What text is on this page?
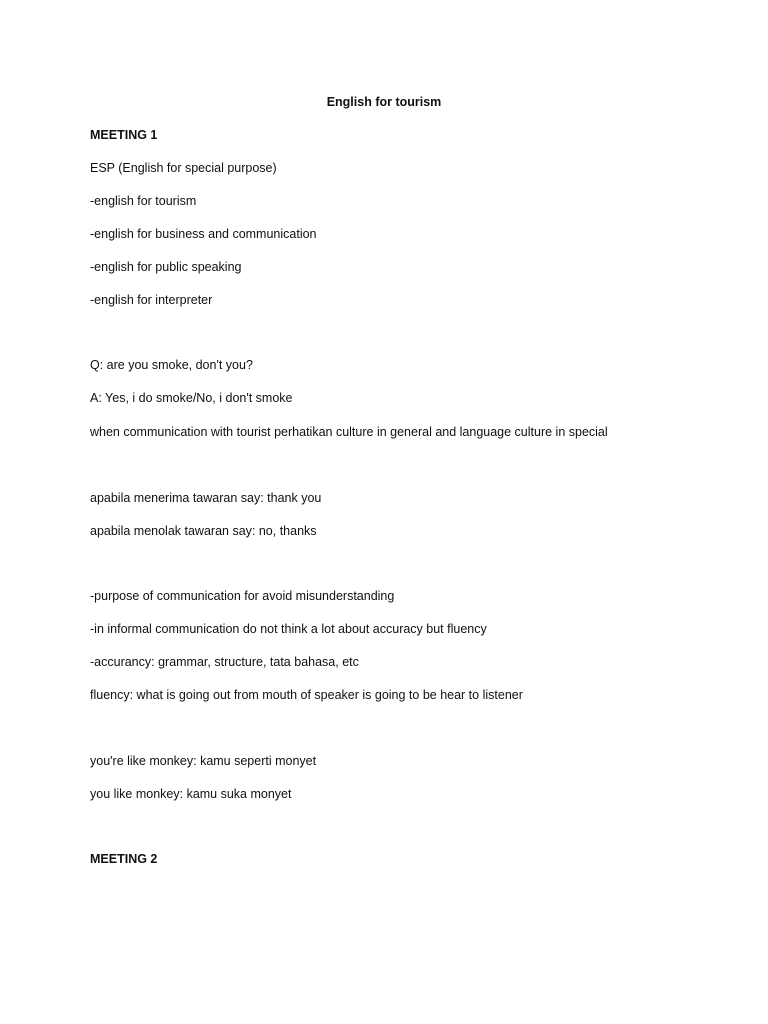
English for tourism
MEETING 1
ESP (English for special purpose)
-english for tourism
-english for business and communication
-english for public speaking
-english for interpreter
Q: are you smoke, don't you?
A: Yes, i do smoke/No, i don't smoke
when communication with tourist perhatikan culture in general and language culture in special
apabila menerima tawaran say: thank you
apabila menolak tawaran say: no, thanks
-purpose of communication for avoid misunderstanding
-in informal communication do not think a lot about accuracy but fluency
-accurancy: grammar, structure, tata bahasa, etc
fluency: what is going out from mouth of speaker is going to be hear to listener
you're like monkey: kamu seperti monyet
you like monkey: kamu suka monyet
MEETING 2
